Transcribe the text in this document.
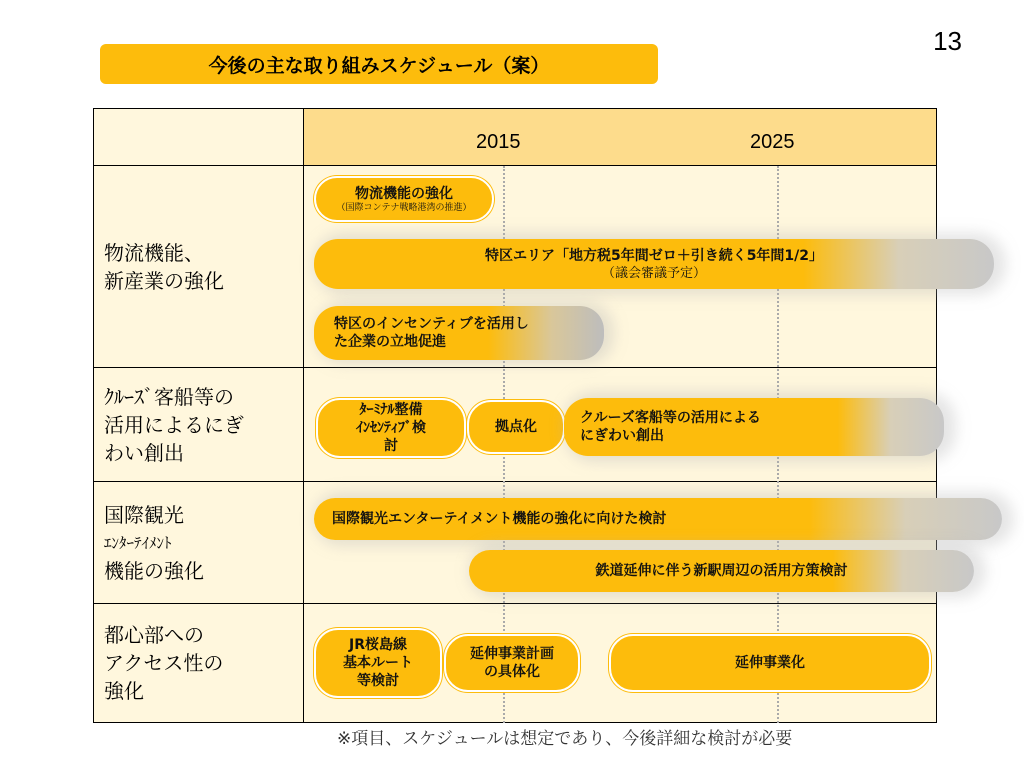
13
今後の主な取り組みスケジュール（案）
2015	2025
物流機能、
新産業の強化
物流機能の強化
（国際コンテナ戦略港湾の推進）
特区エリア「地方税5年間ゼロ＋引き続く5年間1/2」
（議会審議予定）
特区のインセンティブを活用し
た企業の立地促進
ｸﾙｰｽﾞ客船等の
活用によるにぎ
わい創出
ﾀｰﾐﾅﾙ整備
ｲﾝｾﾝﾃｨﾌﾞ検
討
拠点化
クルーズ客船等の活用による
にぎわい創出
国際観光
ｴﾝﾀｰﾃｲﾒﾝﾄ
機能の強化
国際観光エンターテイメント機能の強化に向けた検討
鉄道延伸に伴う新駅周辺の活用方策検討
都心部への
アクセス性の
強化
JR桜島線
基本ルート
等検討
延伸事業計画
の具体化
延伸事業化
※項目、スケジュールは想定であり、今後詳細な検討が必要
